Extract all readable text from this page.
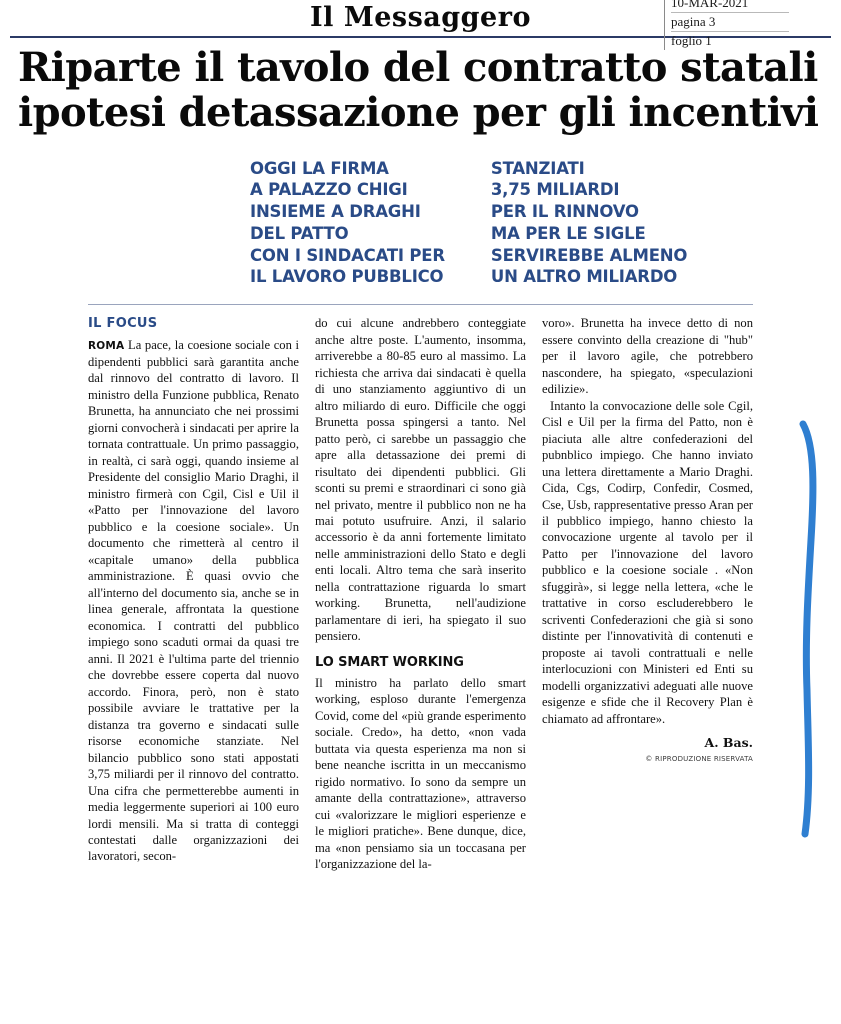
Il Messaggero	10-MAR-2021
pagina 3
foglio 1
Riparte il tavolo del contratto statali
ipotesi detassazione per gli incentivi
OGGI LA FIRMA
A PALAZZO CHIGI
INSIEME A DRAGHI
DEL PATTO
CON I SINDACATI PER
IL LAVORO PUBBLICO
STANZIATI
3,75 MILIARDI
PER IL RINNOVO
MA PER LE SIGLE
SERVIREBBE ALMENO
UN ALTRO MILIARDO
IL FOCUS

ROMA La pace, la coesione sociale con i dipendenti pubblici sarà garantita anche dal rinnovo del contratto di lavoro. Il ministro della Funzione pubblica, Renato Brunetta, ha annunciato che nei prossimi giorni convocherà i sindacati per aprire la tornata contrattuale. Un primo passaggio, in realtà, ci sarà oggi, quando insieme al Presidente del consiglio Mario Draghi, il ministro firmerà con Cgil, Cisl e Uil il «Patto per l'innovazione del lavoro pubblico e la coesione sociale». Un documento che rimetterà al centro il «capitale umano» della pubblica amministrazione. È quasi ovvio che all'interno del documento sia, anche se in linea generale, affrontata la questione economica. I contratti del pubblico impiego sono scaduti ormai da quasi tre anni. Il 2021 è l'ultima parte del triennio che dovrebbe essere coperta dal nuovo accordo. Finora, però, non è stato possibile avviare le trattative per la distanza tra governo e sindacati sulle risorse economiche stanziate. Nel bilancio pubblico sono stati appostati 3,75 miliardi per il rinnovo del contratto. Una cifra che permetterebbe aumenti in media leggermente superiori ai 100 euro lordi mensili. Ma si tratta di conteggi contestati dalle organizzazioni dei lavoratori, secon-

do cui alcune andrebbero conteggiate anche altre poste. L'aumento, insomma, arriverebbe a 80-85 euro al massimo. La richiesta che arriva dai sindacati è quella di uno stanziamento aggiuntivo di un altro miliardo di euro. Difficile che oggi Brunetta possa spingersi a tanto. Nel patto però, ci sarebbe un passaggio che apre alla detassazione dei premi di risultato dei dipendenti pubblici. Gli sconti su premi e straordinari ci sono già nel privato, mentre il pubblico non ne ha mai potuto usufruire. Anzi, il salario accessorio è da anni fortemente limitato nelle amministrazioni dello Stato e degli enti locali. Altro tema che sarà inserito nella contrattazione riguarda lo smart working. Brunetta, nell'audizione parlamentare di ieri, ha spiegato il suo pensiero.

LO SMART WORKING

Il ministro ha parlato dello smart working, esploso durante l'emergenza Covid, come del «più grande esperimento sociale. Credo», ha detto, «non vada buttata via questa esperienza ma non si bene neanche iscritta in un meccanismo rigido normativo. Io sono da sempre un amante della contrattazione», attraverso cui «valorizzare le migliori esperienze e le migliori pratiche». Bene dunque, dice, ma «non pensiamo sia un toccasana per l'organizzazione del la-

voro». Brunetta ha invece detto di non essere convinto della creazione di "hub" per il lavoro agile, che potrebbero nascondere, ha spiegato, «speculazioni edilizie».

Intanto la convocazione delle sole Cgil, Cisl e Uil per la firma del Patto, non è piaciuta alle altre confederazioni del pubnblico impiego. Che hanno inviato una lettera direttamente a Mario Draghi. Cida, Cgs, Codirp, Confedir, Cosmed, Cse, Usb, rappresentative presso Aran per il pubblico impiego, hanno chiesto la convocazione urgente al tavolo per il Patto per l'innovazione del lavoro pubblico e la coesione sociale . «Non sfuggirà», si legge nella lettera, «che le trattative in corso escluderebbero le scriventi Confederazioni che già si sono distinte per l'innovatività di contenuti e proposte ai tavoli contrattuali e nelle interlocuzioni con Ministeri ed Enti su modelli organizzativi adeguati alle nuove esigenze e sfide che il Recovery Plan è chiamato ad affrontare».

A. Bas.
© RIPRODUZIONE RISERVATA
